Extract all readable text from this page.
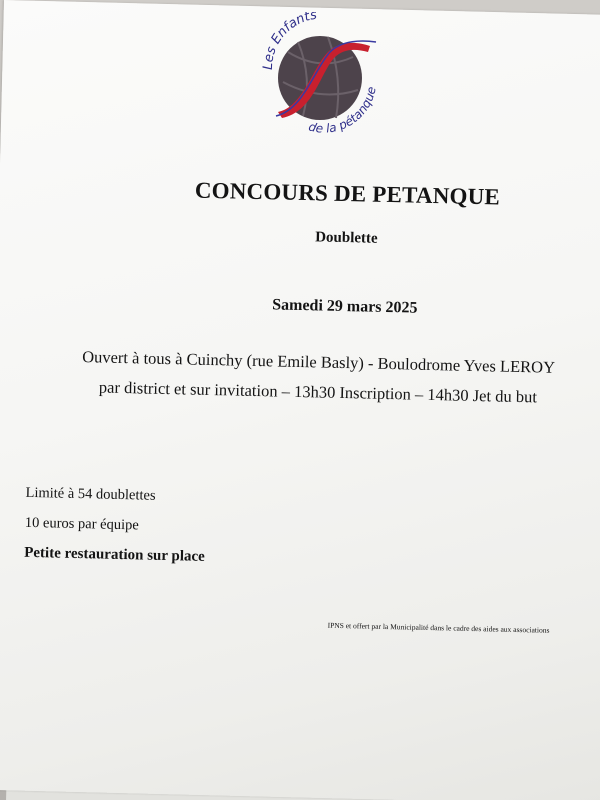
Les Enfants
de la pétanque
CONCOURS DE PETANQUE
Doublette
Samedi 29 mars 2025
Ouvert à tous à Cuinchy (rue Emile Basly) - Boulodrome Yves LEROY
par district et sur invitation – 13h30 Inscription – 14h30 Jet du but
Limité à 54 doublettes
10 euros par équipe
Petite restauration sur place
IPNS et offert par la Municipalité dans le cadre des aides aux associations
